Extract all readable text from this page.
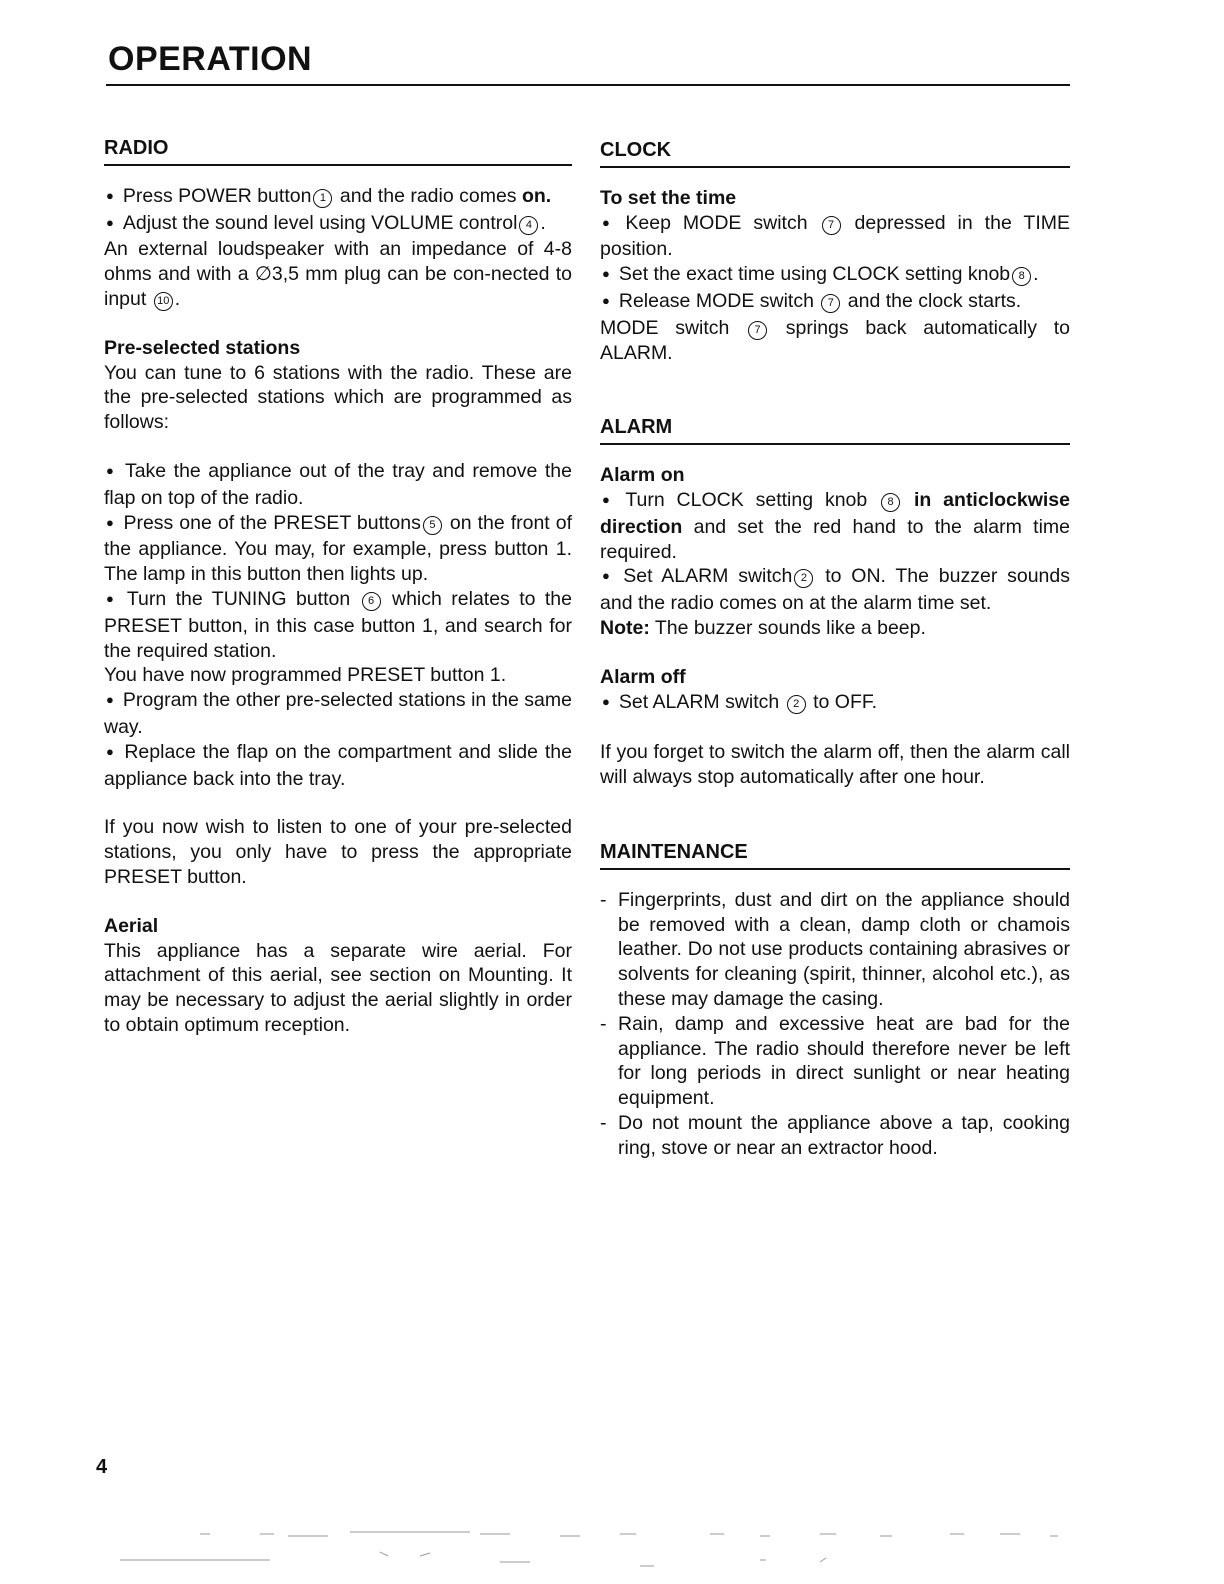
OPERATION
RADIO

● Press POWER button 1 and the radio comes on.

● Adjust the sound level using VOLUME control 4 .

An external loudspeaker with an impedance of 4-8 ohms and with a ∅3,5 mm plug can be con-nected to input 10 .

Pre-selected stations

You can tune to 6 stations with the radio. These are the pre-selected stations which are programmed as follows:

● Take the appliance out of the tray and remove the flap on top of the radio.

● Press one of the PRESET buttons 5 on the front of the appliance. You may, for example, press button 1. The lamp in this button then lights up.

● Turn the TUNING button 6 which relates to the PRESET button, in this case button 1, and search for the required station.

You have now programmed PRESET button 1.

● Program the other pre-selected stations in the same way.

● Replace the flap on the compartment and slide the appliance back into the tray.

If you now wish to listen to one of your pre-selected stations, you only have to press the appropriate PRESET button.

Aerial

This appliance has a separate wire aerial. For attachment of this aerial, see section on Mounting. It may be necessary to adjust the aerial slightly in order to obtain optimum reception.

CLOCK
To set the time

● Keep MODE switch 7 depressed in the TIME position.

● Set the exact time using CLOCK setting knob 8 .

● Release MODE switch 7 and the clock starts.

MODE switch 7 springs back automatically to ALARM.

ALARM
Alarm on

● Turn CLOCK setting knob 8 in anticlockwise direction and set the red hand to the alarm time required.

● Set ALARM switch 2 to ON. The buzzer sounds and the radio comes on at the alarm time set.

Note: The buzzer sounds like a beep.

Alarm off

● Set ALARM switch 2 to OFF.

If you forget to switch the alarm off, then the alarm call will always stop automatically after one hour.

MAINTENANCE
- Fingerprints, dust and dirt on the appliance should be removed with a clean, damp cloth or chamois leather. Do not use products containing abrasives or solvents for cleaning (spirit, thinner, alcohol etc.), as these may damage the casing.
- Rain, damp and excessive heat are bad for the appliance. The radio should therefore never be left for long periods in direct sunlight or near heating equipment.
- Do not mount the appliance above a tap, cooking ring, stove or near an extractor hood.
4
